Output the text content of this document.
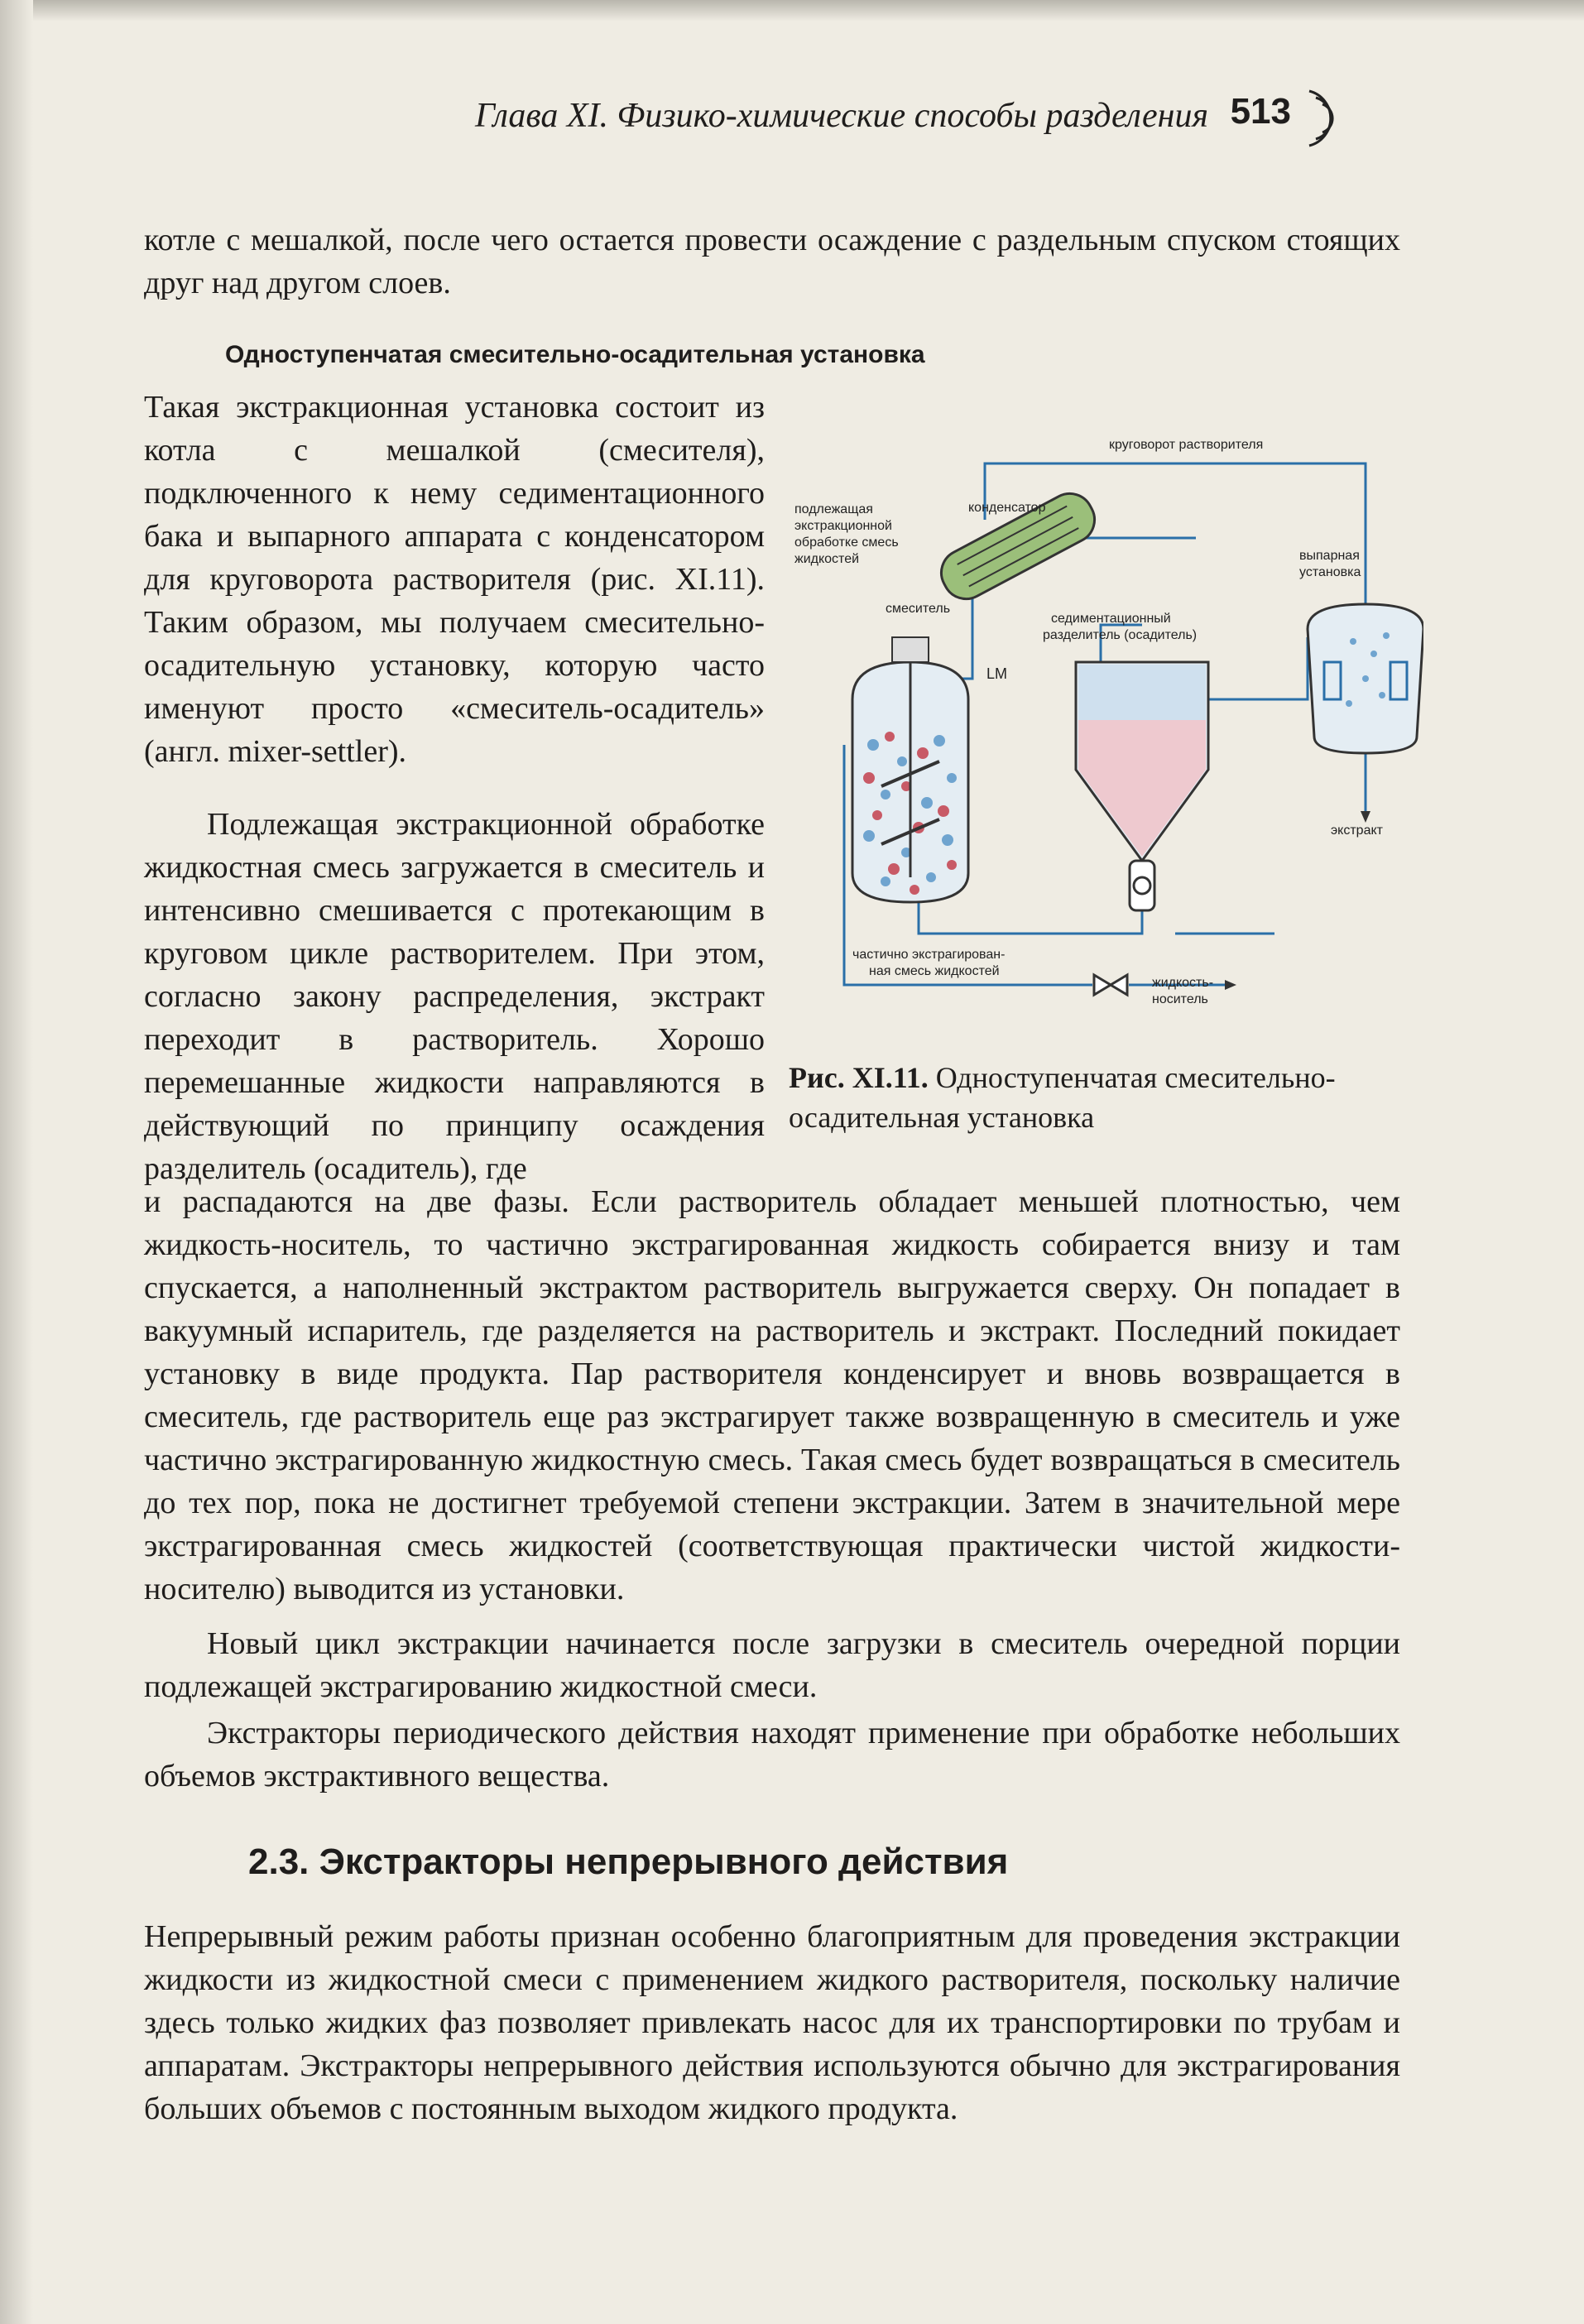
Глава XI. Физико-химические способы разделения 513

котле с мешалкой, после чего остается провести осаждение с раздельным спуском стоящих друг над другом слоев.

Одноступенчатая смесительно-осадительная установка

Такая экстракционная установка состоит из котла с мешалкой (смесителя), подключенного к нему седиментационного бака и выпарного аппарата с конденсатором для круговорота растворителя (рис. XI.11). Таким образом, мы получаем смесительно-осадительную установку, которую часто именуют просто «смеситель-осадитель» (англ. mixer-settler).

Подлежащая экстракционной обработке жидкостная смесь загружается в смеситель и интенсивно смешивается с протекающим в круговом цикле растворителем. При этом, согласно закону распределения, экстракт переходит в растворитель. Хорошо перемешанные жидкости направляются в действующий по принципу осаждения разделитель (осадитель), где

круговорот растворителя
конденсатор
подлежащая
экстракционной
обработке смесь
жидкостей	выпарная
установка
смеситель
LM
седиментационный
разделитель (осадитель)
экстракт
частично экстрагирован-
ная смесь жидкостей
жидкость-
носитель

Рис. XI.11. Одноступенчатая смесительно-осадительная установка

и распадаются на две фазы. Если растворитель обладает меньшей плотностью, чем жидкость-носитель, то частично экстрагированная жидкость собирается внизу и там спускается, а наполненный экстрактом растворитель выгружается сверху. Он попадает в вакуумный испаритель, где разделяется на растворитель и экстракт. Последний покидает установку в виде продукта. Пар растворителя конденсирует и вновь возвращается в смеситель, где растворитель еще раз экстрагирует также возвращенную в смеситель и уже частично экстрагированную жидкостную смесь. Такая смесь будет возвращаться в смеситель до тех пор, пока не достигнет требуемой степени экстракции. Затем в значительной мере экстрагированная смесь жидкостей (соответствующая практически чистой жидкости-носителю) выводится из установки.

Новый цикл экстракции начинается после загрузки в смеситель очередной порции подлежащей экстрагированию жидкостной смеси.

Экстракторы периодического действия находят применение при обработке небольших объемов экстрактивного вещества.

2.3. Экстракторы непрерывного действия

Непрерывный режим работы признан особенно благоприятным для проведения экстракции жидкости из жидкостной смеси с применением жидкого растворителя, поскольку наличие здесь только жидких фаз позволяет привлекать насос для их транспортировки по трубам и аппаратам. Экстракторы непрерывного действия используются обычно для экстрагирования больших объемов с постоянным выходом жидкого продукта.
